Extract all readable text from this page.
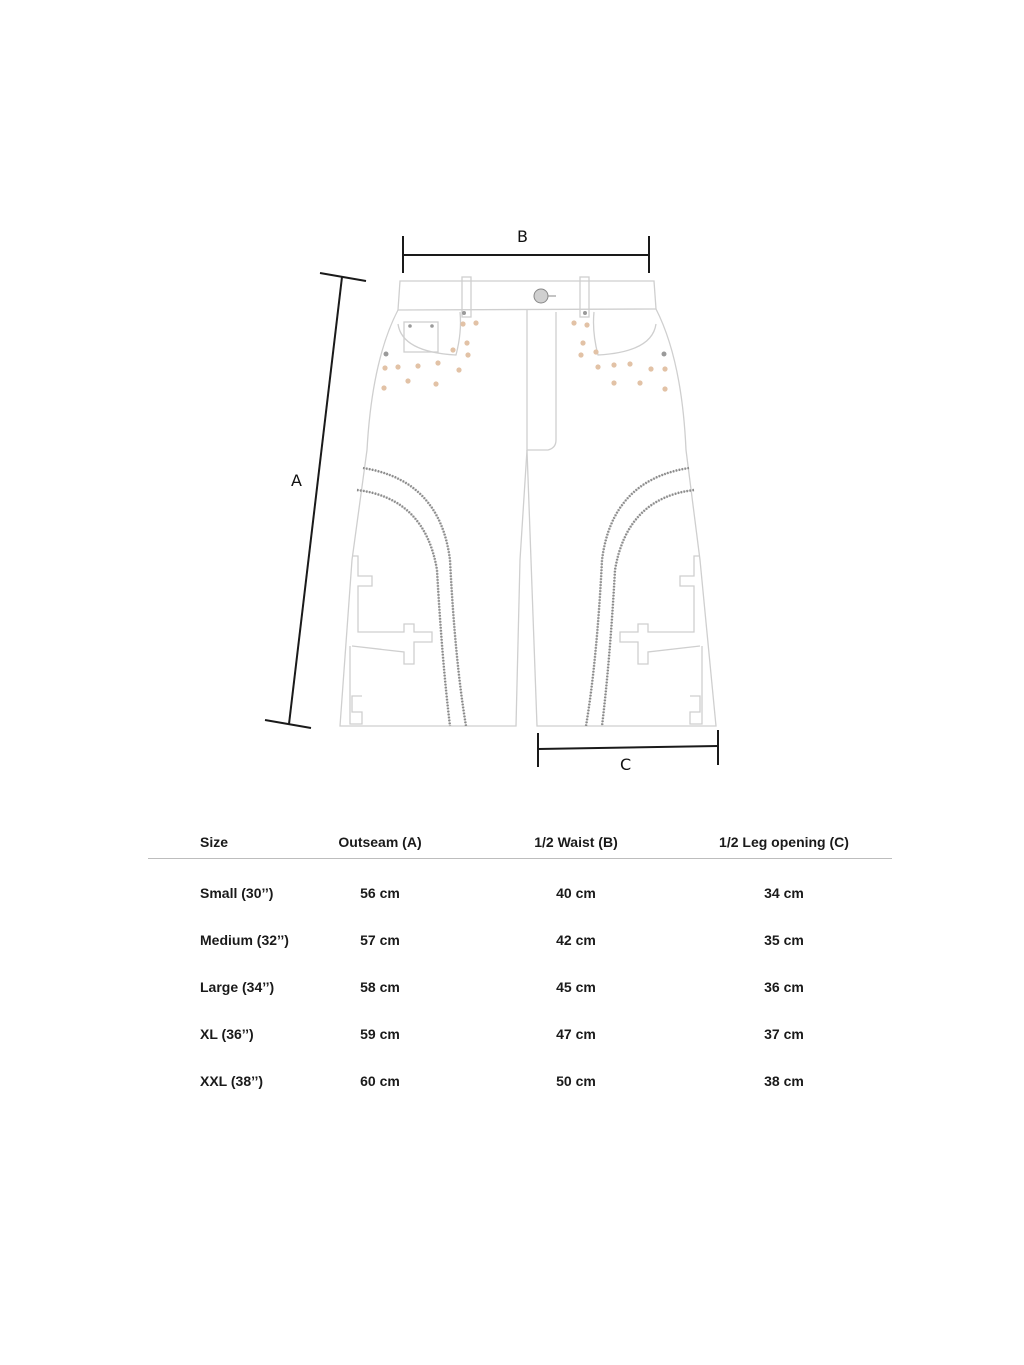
B
A
C
Size	Outseam (A)	1/2 Waist (B)	1/2 Leg opening (C)
Small (30’’)	56 cm	40 cm	34 cm
Medium (32’’)	57 cm	42 cm	35 cm
Large (34’’)	58 cm	45 cm	36 cm
XL (36’’)	59 cm	47 cm	37 cm
XXL (38’’)	60 cm	50 cm	38 cm
